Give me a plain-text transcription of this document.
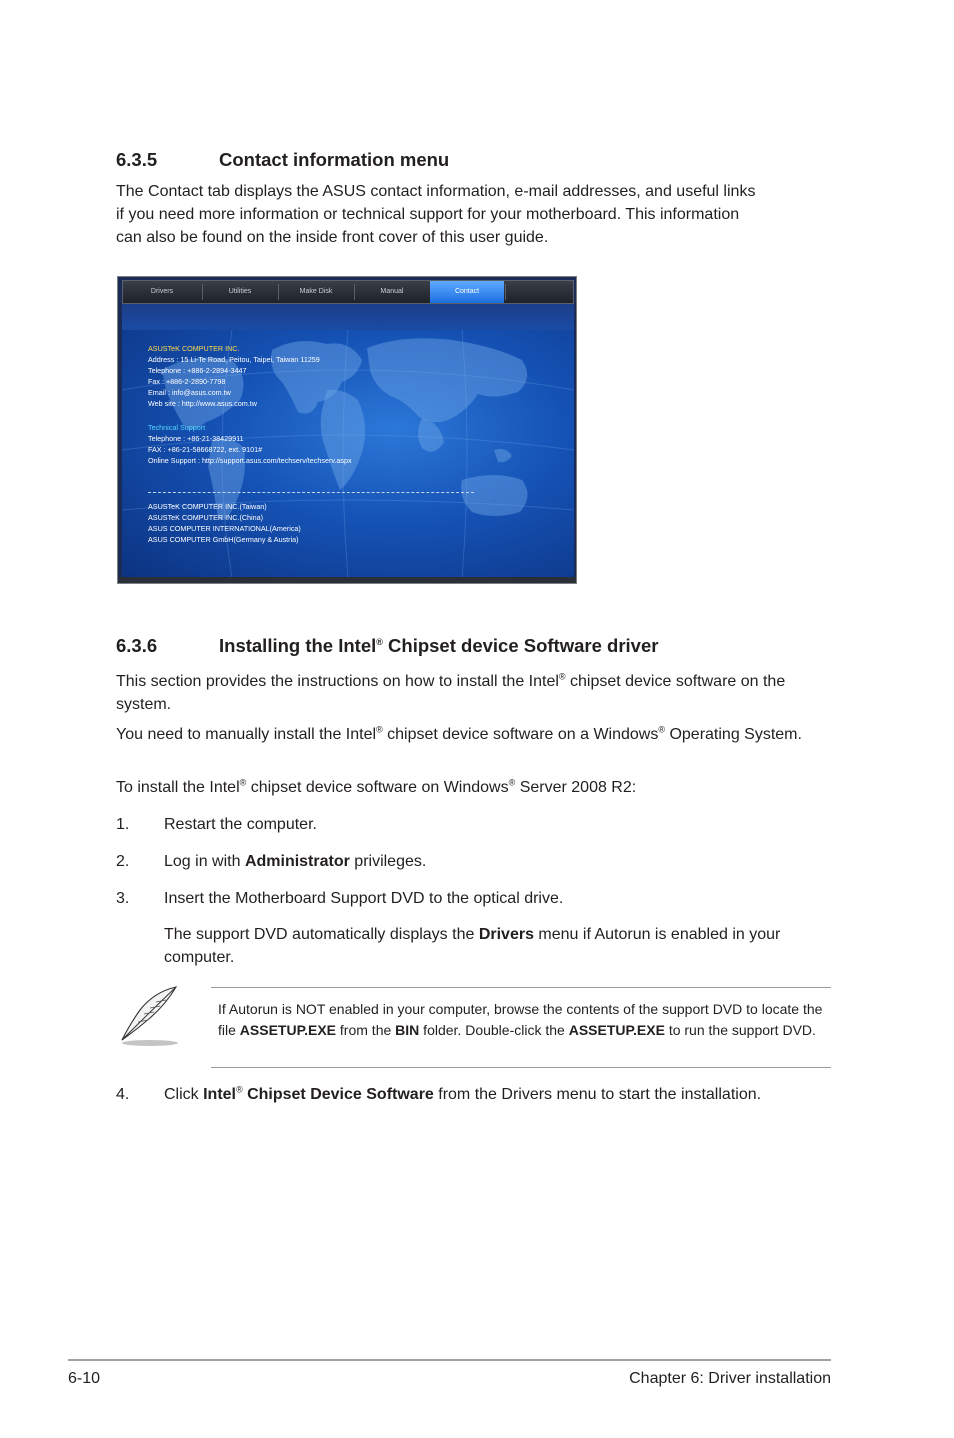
6.3.5	Contact information menu

The Contact tab displays the ASUS contact information, e-mail addresses, and useful links if you need more information or technical support for your motherboard. This information can also be found on the inside front cover of this user guide.

Drivers	Utilities	Make Disk	Manual	Contact
ASUSTeK COMPUTER INC.
Address : 15 Li-Te Road, Peitou, Taipei, Taiwan 11259
Telephone : +886-2-2894-3447
Fax : +886-2-2890-7798
Email : info@asus.com.tw
Web site : http://www.asus.com.tw
Technical Support
Telephone : +86-21-38429911
FAX : +86-21-58668722, ext. 9101#
Online Support : http://support.asus.com/techserv/techserv.aspx
ASUSTeK COMPUTER INC.(Taiwan)
ASUSTeK COMPUTER INC.(China)
ASUS COMPUTER INTERNATIONAL(America)
ASUS COMPUTER GmbH(Germany & Austria)
6.3.6	Installing the Intel® Chipset device Software driver

This section provides the instructions on how to install the Intel® chipset device software on the system.

You need to manually install the Intel® chipset device software on a Windows® Operating System.

To install the Intel® chipset device software on Windows® Server 2008 R2:

1. Restart the computer.
2. Log in with Administrator privileges.
3. Insert the Motherboard Support DVD to the optical drive.
The support DVD automatically displays the Drivers menu if Autorun is enabled in your computer.
If Autorun is NOT enabled in your computer, browse the contents of the support DVD to locate the file ASSETUP.EXE from the BIN folder. Double-click the ASSETUP.EXE to run the support DVD.
4. Click Intel® Chipset Device Software from the Drivers menu to start the installation.
6-10	Chapter 6: Driver installation
